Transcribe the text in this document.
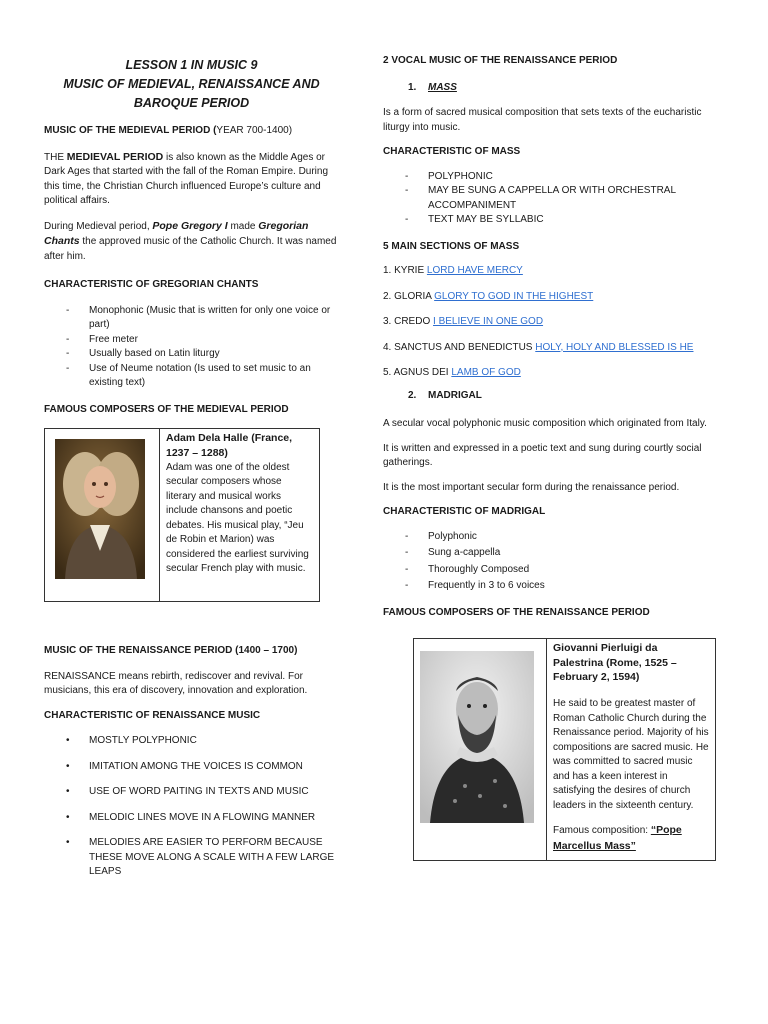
LESSON 1 IN MUSIC 9
MUSIC OF MEDIEVAL, RENAISSANCE AND
BAROQUE PERIOD
MUSIC OF THE MEDIEVAL PERIOD (YEAR 700-1400)

THE MEDIEVAL PERIOD is also known as the Middle Ages or Dark Ages that started with the fall of the Roman Empire. During this time, the Christian Church influenced Europe’s culture and political affairs.

During Medieval period, Pope Gregory I made Gregorian Chants the approved music of the Catholic Church. It was named after him.

CHARACTERISTIC OF GREGORIAN CHANTS
- Monophonic (Music that is written for only one voice or part)
- Free meter
- Usually based on Latin liturgy
- Use of Neume notation (Is used to set music to an existing text)
FAMOUS COMPOSERS OF THE MEDIEVAL PERIOD

Adam Dela Halle (France, 1237 – 1288)
Adam was one of the oldest secular composers whose literary and musical works include chansons and poetic debates. His musical play, “Jeu de Robin et Marion) was considered the earliest surviving secular French play with music.
MUSIC OF THE RENAISSANCE PERIOD (1400 – 1700)

RENAISSANCE means rebirth, rediscover and revival. For musicians, this era of discovery, innovation and exploration.

CHARACTERISTIC OF RENAISSANCE MUSIC
• MOSTLY POLYPHONIC
• IMITATION AMONG THE VOICES IS COMMON
• USE OF WORD PAITING IN TEXTS AND MUSIC
• MELODIC LINES MOVE IN A FLOWING MANNER
• MELODIES ARE EASIER TO PERFORM BECAUSE THESE MOVE ALONG A SCALE WITH A FEW LARGE LEAPS
2 VOCAL MUSIC OF THE RENAISSANCE PERIOD
1. MASS

Is a form of sacred musical composition that sets texts of the eucharistic liturgy into music.

CHARACTERISTIC OF MASS
- POLYPHONIC
- MAY BE SUNG A CAPPELLA OR WITH ORCHESTRAL ACCOMPANIMENT
- TEXT MAY BE SYLLABIC
5 MAIN SECTIONS OF MASS

1. KYRIE LORD HAVE MERCY

2. GLORIA GLORY TO GOD IN THE HIGHEST

3. CREDO I BELIEVE IN ONE GOD

4. SANCTUS AND BENEDICTUS HOLY, HOLY AND BLESSED IS HE

5. AGNUS DEI LAMB OF GOD

2. MADRIGAL

A secular vocal polyphonic music composition which originated from Italy.

It is written and expressed in a poetic text and sung during courtly social gatherings.

It is the most important secular form during the renaissance period.

CHARACTERISTIC OF MADRIGAL
- Polyphonic
- Sung a-cappella
- Thoroughly Composed
- Frequently in 3 to 6 voices
FAMOUS COMPOSERS OF THE RENAISSANCE PERIOD

Giovanni Pierluigi da Palestrina (Rome, 1525 – February 2, 1594)
He said to be greatest master of Roman Catholic Church during the Renaissance period. Majority of his compositions are sacred music. He was committed to sacred music and has a keen interest in satisfying the desires of church leaders in the sixteenth century.
Famous composition: “Pope Marcellus Mass”
